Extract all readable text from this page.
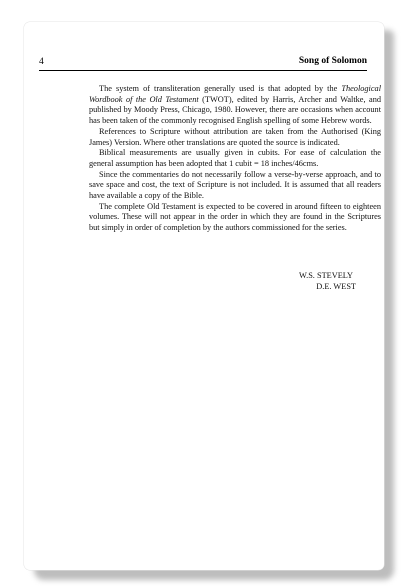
4	Song of Solomon

The system of transliteration generally used is that adopted by the Theological Wordbook of the Old Testament (TWOT), edited by Harris, Archer and Waltke, and published by Moody Press, Chicago, 1980. However, there are occasions when account has been taken of the commonly recognised English spelling of some Hebrew words.

References to Scripture without attribution are taken from the Authorised (King James) Version. Where other translations are quoted the source is indicated.

Biblical measurements are usually given in cubits. For ease of calculation the general assumption has been adopted that 1 cubit = 18 inches/46cms.

Since the commentaries do not necessarily follow a verse-by-verse approach, and to save space and cost, the text of Scripture is not included. It is assumed that all readers have available a copy of the Bible.

The complete Old Testament is expected to be covered in around fifteen to eighteen volumes. These will not appear in the order in which they are found in the Scriptures but simply in order of completion by the authors commissioned for the series.

W.S. STEVELY
D.E. WEST
